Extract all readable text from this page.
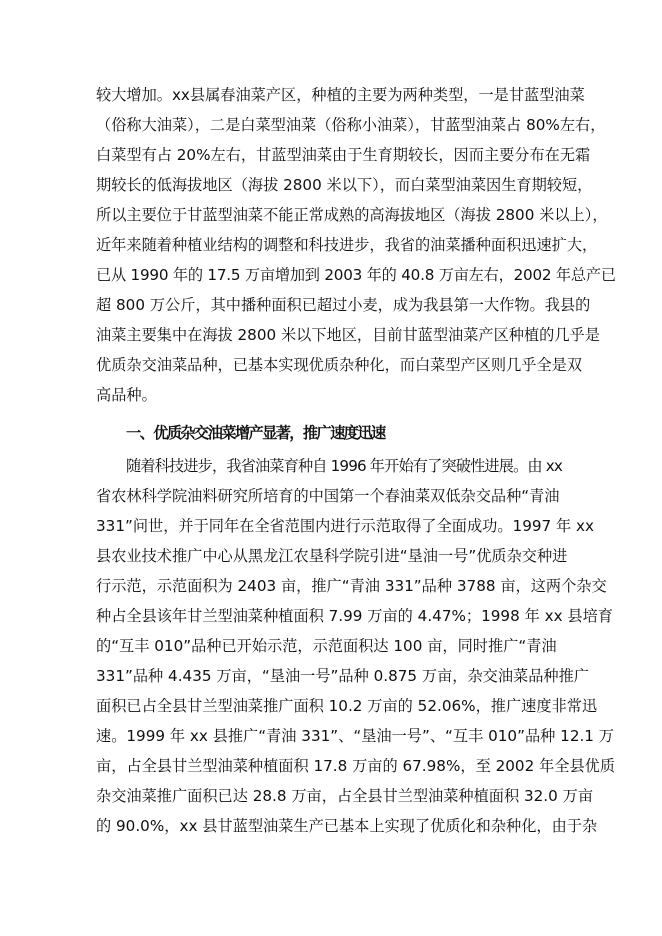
较大增加。xx县属春油菜产区，种植的主要为两种类型，一是甘蓝型油菜
（俗称大油菜），二是白菜型油菜（俗称小油菜），甘蓝型油菜占 80%左右，
白菜型有占 20%左右，甘蓝型油菜由于生育期较长，因而主要分布在无霜
期较长的低海拔地区（海拔 2800 米以下），而白菜型油菜因生育期较短，
所以主要位于甘蓝型油菜不能正常成熟的高海拔地区（海拔 2800 米以上），
近年来随着种植业结构的调整和科技进步，我省的油菜播种面积迅速扩大，
已从 1990 年的 17.5 万亩增加到 2003 年的 40.8 万亩左右，2002 年总产已
超 800 万公斤，其中播种面积已超过小麦，成为我县第一大作物。我县的
油菜主要集中在海拔 2800 米以下地区，目前甘蓝型油菜产区种植的几乎是
优质杂交油菜品种，已基本实现优质杂种化，而白菜型产区则几乎全是双
高品种。
一、优质杂交油菜增产显著，推广速度迅速
随着科技进步，我省油菜育种自 1996 年开始有了突破性进展。由 xx
省农林科学院油料研究所培育的中国第一个春油菜双低杂交品种“青油
331”问世，并于同年在全省范围内进行示范取得了全面成功。1997 年 xx
县农业技术推广中心从黑龙江农垦科学院引进“垦油一号”优质杂交种进
行示范，示范面积为 2403 亩，推广“青油 331”品种 3788 亩，这两个杂交
种占全县该年甘兰型油菜种植面积 7.99 万亩的 4.47%；1998 年 xx 县培育
的“互丰 010”品种已开始示范，示范面积达 100 亩，同时推广“青油
331”品种 4.435 万亩，“垦油一号”品种 0.875 万亩，杂交油菜品种推广
面积已占全县甘兰型油菜推广面积 10.2 万亩的 52.06%，推广速度非常迅
速。1999 年 xx 县推广“青油 331”、“垦油一号”、“互丰 010”品种 12.1 万
亩，占全县甘兰型油菜种植面积 17.8 万亩的 67.98%，至 2002 年全县优质
杂交油菜推广面积已达 28.8 万亩，占全县甘兰型油菜种植面积 32.0 万亩
的 90.0%，xx 县甘蓝型油菜生产已基本上实现了优质化和杂种化，由于杂
